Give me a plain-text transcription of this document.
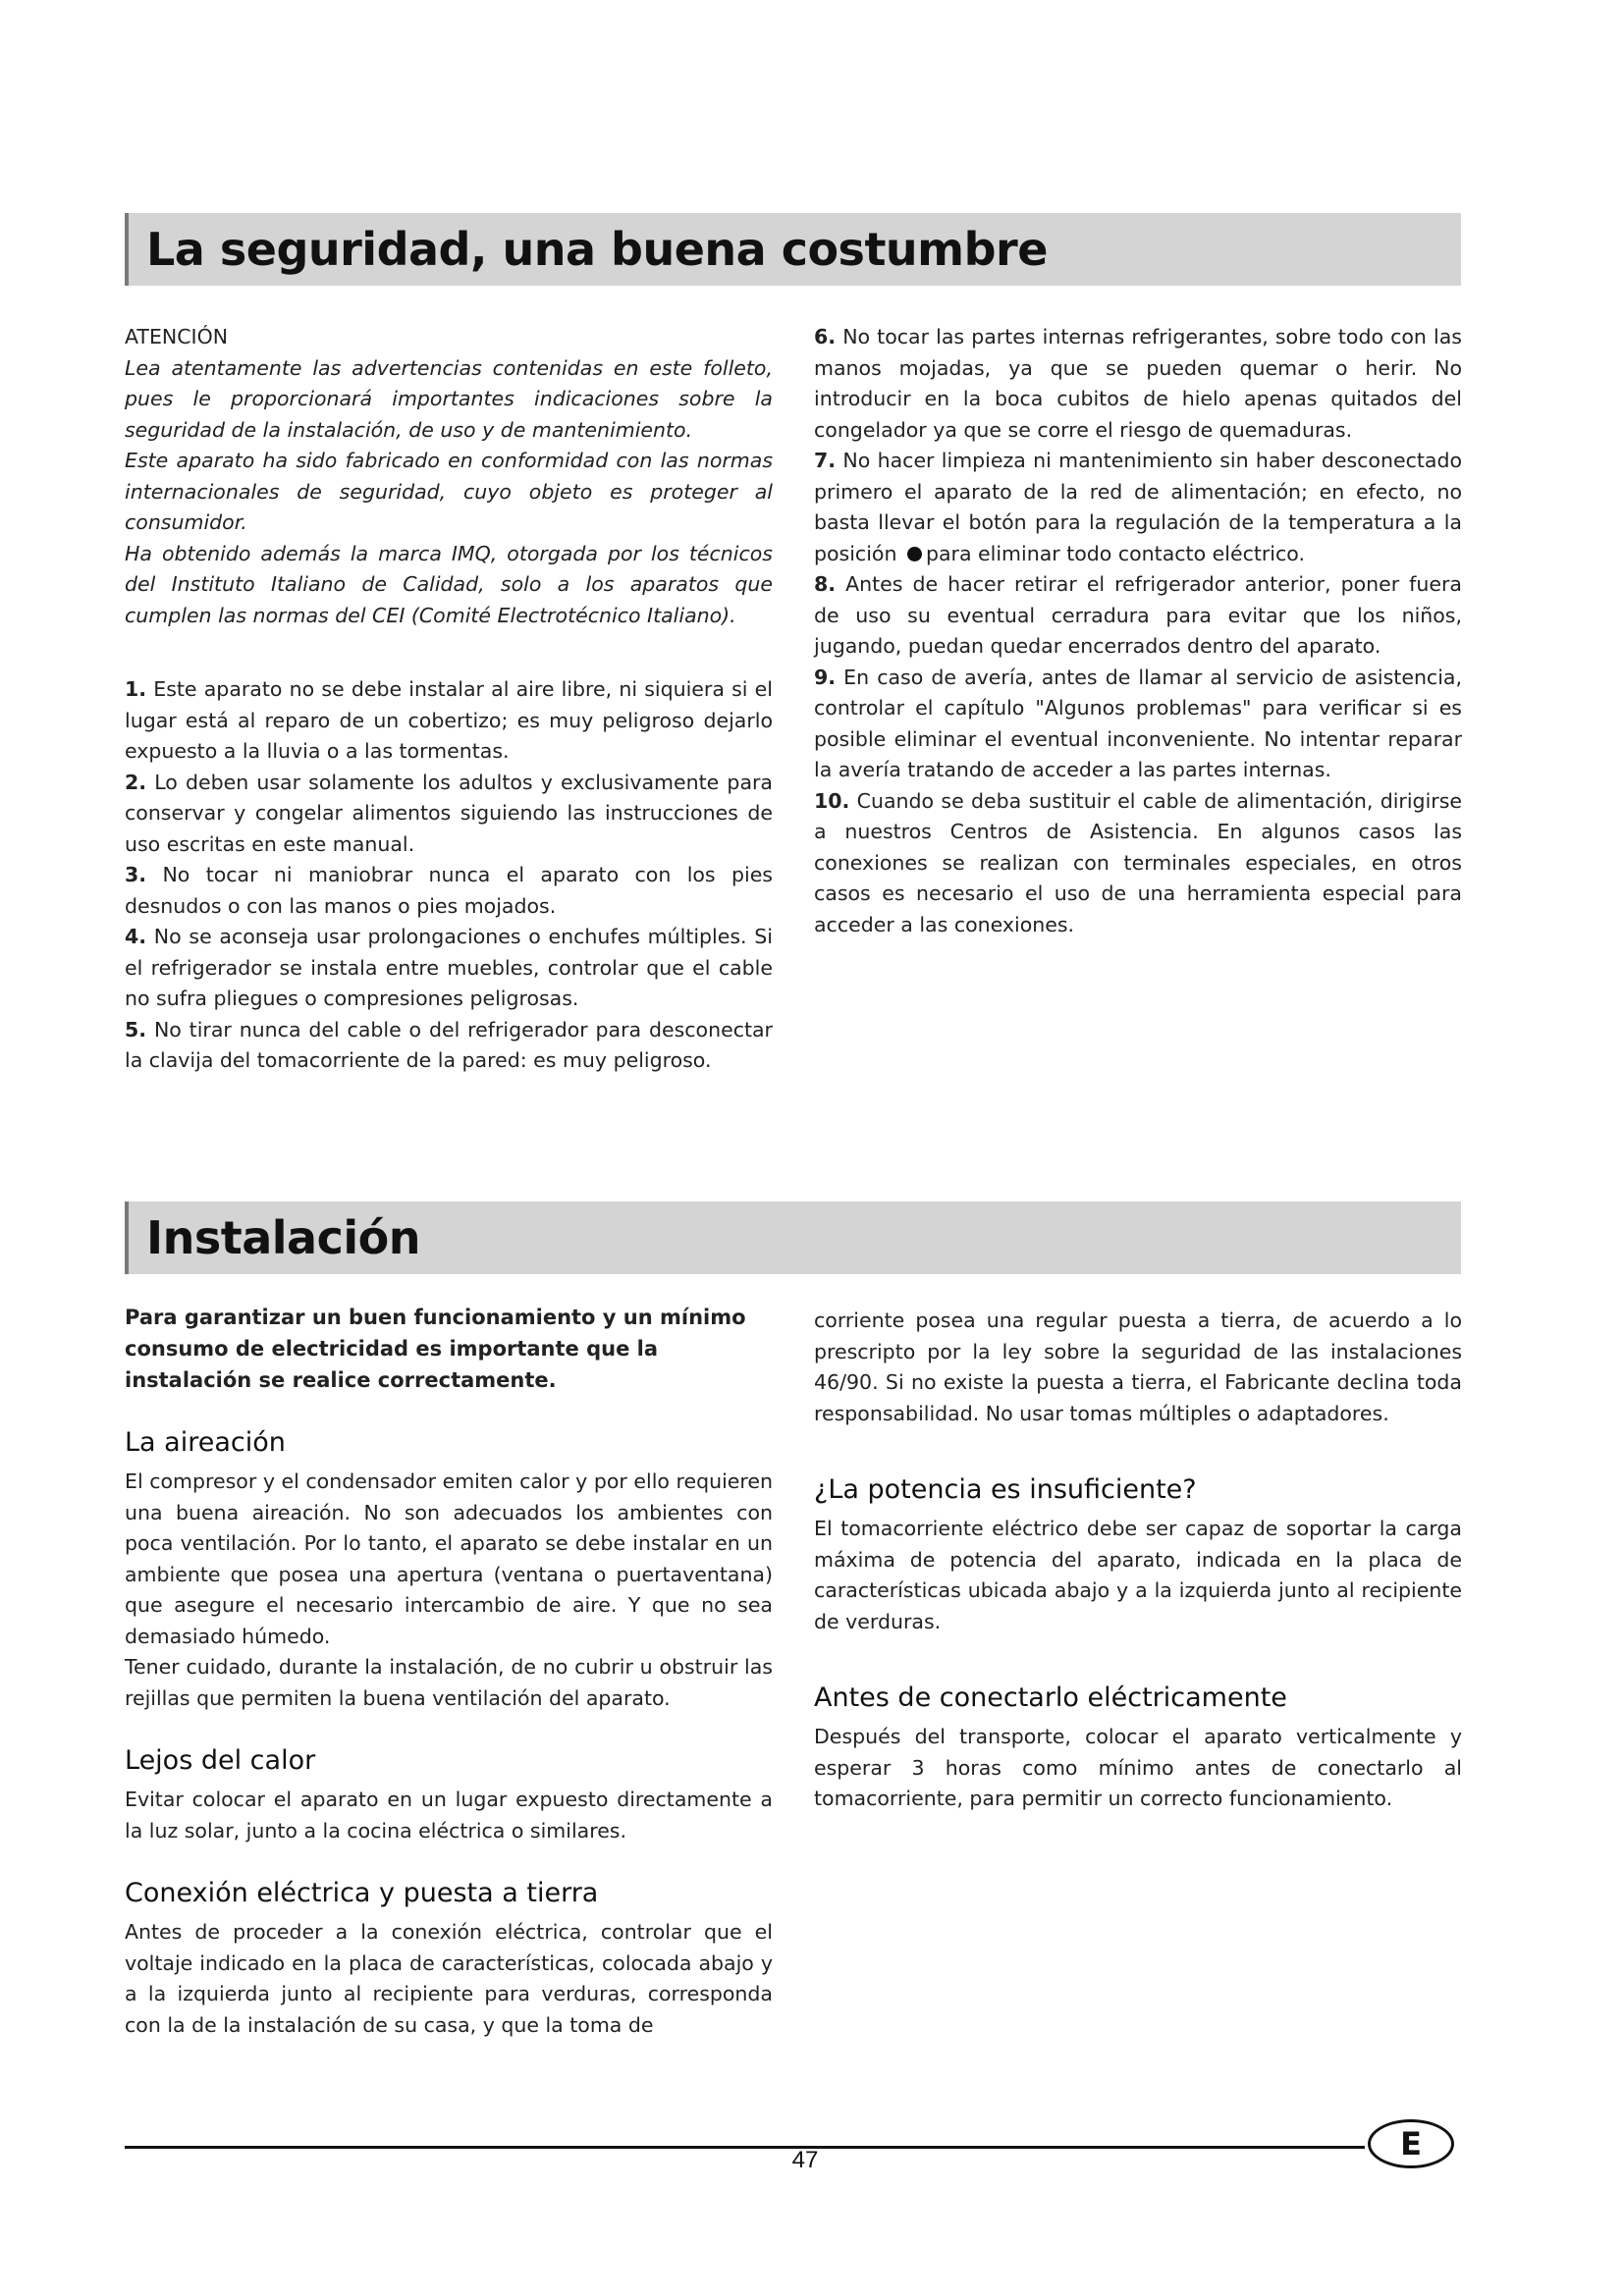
La seguridad, una buena costumbre

ATENCIÓN

Lea atentamente las advertencias contenidas en este folleto, pues le proporcionará importantes indicaciones sobre la seguridad de la instalación, de uso y de mantenimiento.

Este aparato ha sido fabricado en conformidad con las normas internacionales de seguridad, cuyo objeto es proteger al consumidor.

Ha obtenido además la marca IMQ, otorgada por los técnicos del Instituto Italiano de Calidad, solo a los aparatos que cumplen las normas del CEI (Comité Electrotécnico Italiano).

1. Este aparato no se debe instalar al aire libre, ni siquiera si el lugar está al reparo de un cobertizo; es muy peligroso dejarlo expuesto a la lluvia o a las tormentas.

2. Lo deben usar solamente los adultos y exclusivamente para conservar y congelar alimentos siguiendo las instrucciones de uso escritas en este manual.

3. No tocar ni maniobrar nunca el aparato con los pies desnudos o con las manos o pies mojados.

4. No se aconseja usar prolongaciones o enchufes múltiples. Si el refrigerador se instala entre muebles, controlar que el cable no sufra pliegues o compresiones peligrosas.

5. No tirar nunca del cable o del refrigerador para desconectar la clavija del tomacorriente de la pared: es muy peligroso.

6. No tocar las partes internas refrigerantes, sobre todo con las manos mojadas, ya que se pueden quemar o herir. No introducir en la boca cubitos de hielo apenas quitados del congelador ya que se corre el riesgo de quemaduras.

7. No hacer limpieza ni mantenimiento sin haber desconectado primero el aparato de la red de alimentación; en efecto, no basta llevar el botón para la regulación de la temperatura a la posición para eliminar todo contacto eléctrico.

8. Antes de hacer retirar el refrigerador anterior, poner fuera de uso su eventual cerradura para evitar que los niños, jugando, puedan quedar encerrados dentro del aparato.

9. En caso de avería, antes de llamar al servicio de asistencia, controlar el capítulo "Algunos problemas" para verificar si es posible eliminar el eventual inconveniente. No intentar reparar la avería tratando de acceder a las partes internas.

10. Cuando se deba sustituir el cable de alimentación, dirigirse a nuestros Centros de Asistencia. En algunos casos las conexiones se realizan con terminales especiales, en otros casos es necesario el uso de una herramienta especial para acceder a las conexiones.

Instalación

Para garantizar un buen funcionamiento y un mínimo consumo de electricidad es importante que la instalación se realice correctamente.

La aireación

El compresor y el condensador emiten calor y por ello requieren una buena aireación. No son adecuados los ambientes con poca ventilación. Por lo tanto, el aparato se debe instalar en un ambiente que posea una apertura (ventana o puertaventana) que asegure el necesario intercambio de aire. Y que no sea demasiado húmedo.

Tener cuidado, durante la instalación, de no cubrir u obstruir las rejillas que permiten la buena ventilación del aparato.

Lejos del calor

Evitar colocar el aparato en un lugar expuesto directamente a la luz solar, junto a la cocina eléctrica o similares.

Conexión eléctrica y puesta a tierra

Antes de proceder a la conexión eléctrica, controlar que el voltaje indicado en la placa de características, colocada abajo y a la izquierda junto al recipiente para verduras, corresponda con la de la instalación de su casa, y que la toma de

corriente posea una regular puesta a tierra, de acuerdo a lo prescripto por la ley sobre la seguridad de las instalaciones 46/90. Si no existe la puesta a tierra, el Fabricante declina toda responsabilidad. No usar tomas múltiples o adaptadores.

¿La potencia es insuficiente?

El tomacorriente eléctrico debe ser capaz de soportar la carga máxima de potencia del aparato, indicada en la placa de características ubicada abajo y a la izquierda junto al recipiente de verduras.

Antes de conectarlo eléctricamente

Después del transporte, colocar el aparato verticalmente y esperar 3 horas como mínimo antes de conectarlo al tomacorriente, para permitir un correcto funcionamiento.

47	E
